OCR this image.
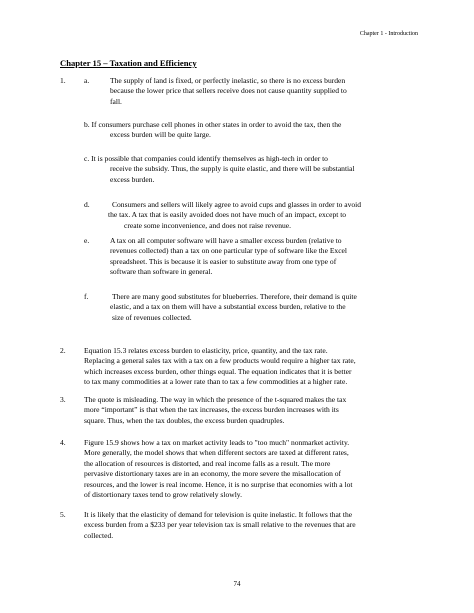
Chapter 1 - Introduction
Chapter 15 – Taxation and Efficiency
1. a.	The supply of land is fixed, or perfectly inelastic, so there is no excess burden
because the lower price that sellers receive does not cause quantity supplied to
fall.
b. If consumers purchase cell phones in other states in order to avoid the tax, then the
excess burden will be quite large.
c. It is possible that companies could identify themselves as high-tech in order to
receive the subsidy. Thus, the supply is quite elastic, and there will be substantial
excess burden.
d.	Consumers and sellers will likely agree to avoid cups and glasses in order to avoid
the tax. A tax that is easily avoided does not have much of an impact, except to
create some inconvenience, and does not raise revenue.
e.	A tax on all computer software will have a smaller excess burden (relative to
revenues collected) than a tax on one particular type of software like the Excel
spreadsheet. This is because it is easier to substitute away from one type of
software than software in general.
f.	There are many good substitutes for blueberries. Therefore, their demand is quite
elastic, and a tax on them will have a substantial excess burden, relative to the
size of revenues collected.
2. Equation 15.3 relates excess burden to elasticity, price, quantity, and the tax rate.
Replacing a general sales tax with a tax on a few products would require a higher tax rate,
which increases excess burden, other things equal. The equation indicates that it is better
to tax many commodities at a lower rate than to tax a few commodities at a higher rate.
3. The quote is misleading. The way in which the presence of the t-squared makes the tax
more “important” is that when the tax increases, the excess burden increases with its
square. Thus, when the tax doubles, the excess burden quadruples.
4. Figure 15.9 shows how a tax on market activity leads to "too much" nonmarket activity.
More generally, the model shows that when different sectors are taxed at different rates,
the allocation of resources is distorted, and real income falls as a result. The more
pervasive distortionary taxes are in an economy, the more severe the misallocation of
resources, and the lower is real income. Hence, it is no surprise that economies with a lot
of distortionary taxes tend to grow relatively slowly.
5. It is likely that the elasticity of demand for television is quite inelastic. It follows that the
excess burden from a $233 per year television tax is small relative to the revenues that are
collected.
74
